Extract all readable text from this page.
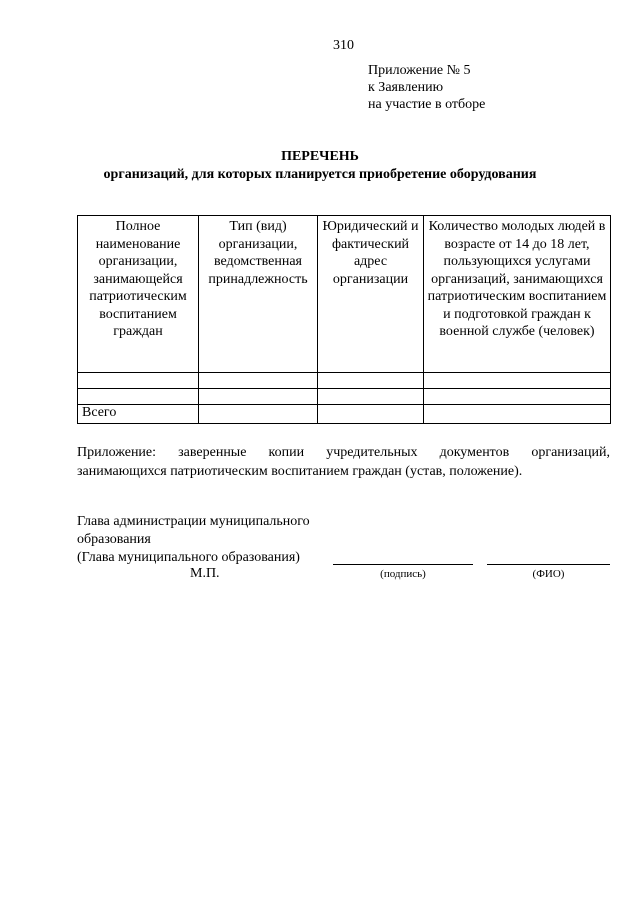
310
Приложение № 5
к Заявлению
на участие в отборе
ПЕРЕЧЕНЬ
организаций, для которых планируется приобретение оборудования
Полное наименование организации, занимающейся патриотическим воспитанием граждан	Тип (вид) организации, ведомственная принадлежность	Юридический и фактический адрес организации	Количество молодых людей в возрасте от 14 до 18 лет, пользующихся услугами организаций, занимающихся патриотическим воспитанием и подготовкой граждан к военной службе (человек)

Всего			
Приложение: заверенные копии учредительных документов организаций,
занимающихся патриотическим воспитанием граждан (устав, положение).
Глава администрации муниципального
образования
(Глава муниципального образования)
М.П.	(подпись)	(ФИО)
